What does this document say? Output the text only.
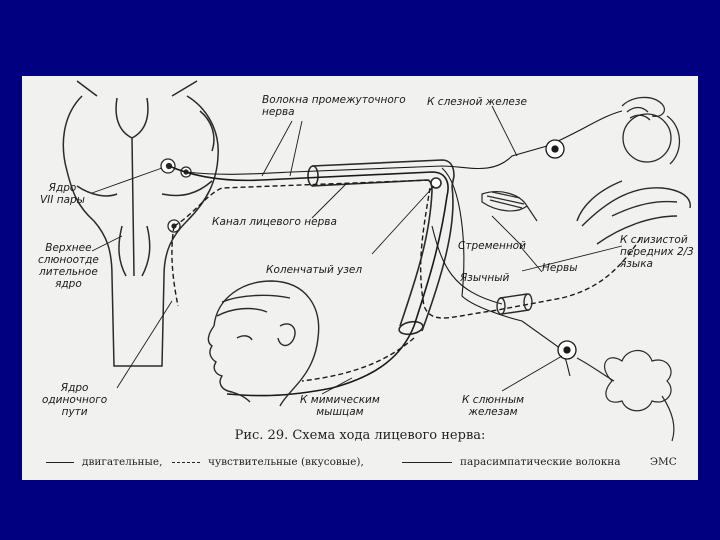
Волокна промежуточного
нерва
К слезной железе
Ядро
VII пары
Канал лицевого нерва
Верхнее
слюноотде
лительное
ядро
Стременной	К слизистой
передних 2/3
языка
Коленчатый узел
Язычный
Нервы
Ядро
одиночного
пути
К мимическим
мышцам
К слюнным
железам
Рис. 29. Схема хода лицевого нерва:
двигательные,	чувствительные (вкусовые),	парасимпатические волокна	ЭМС
